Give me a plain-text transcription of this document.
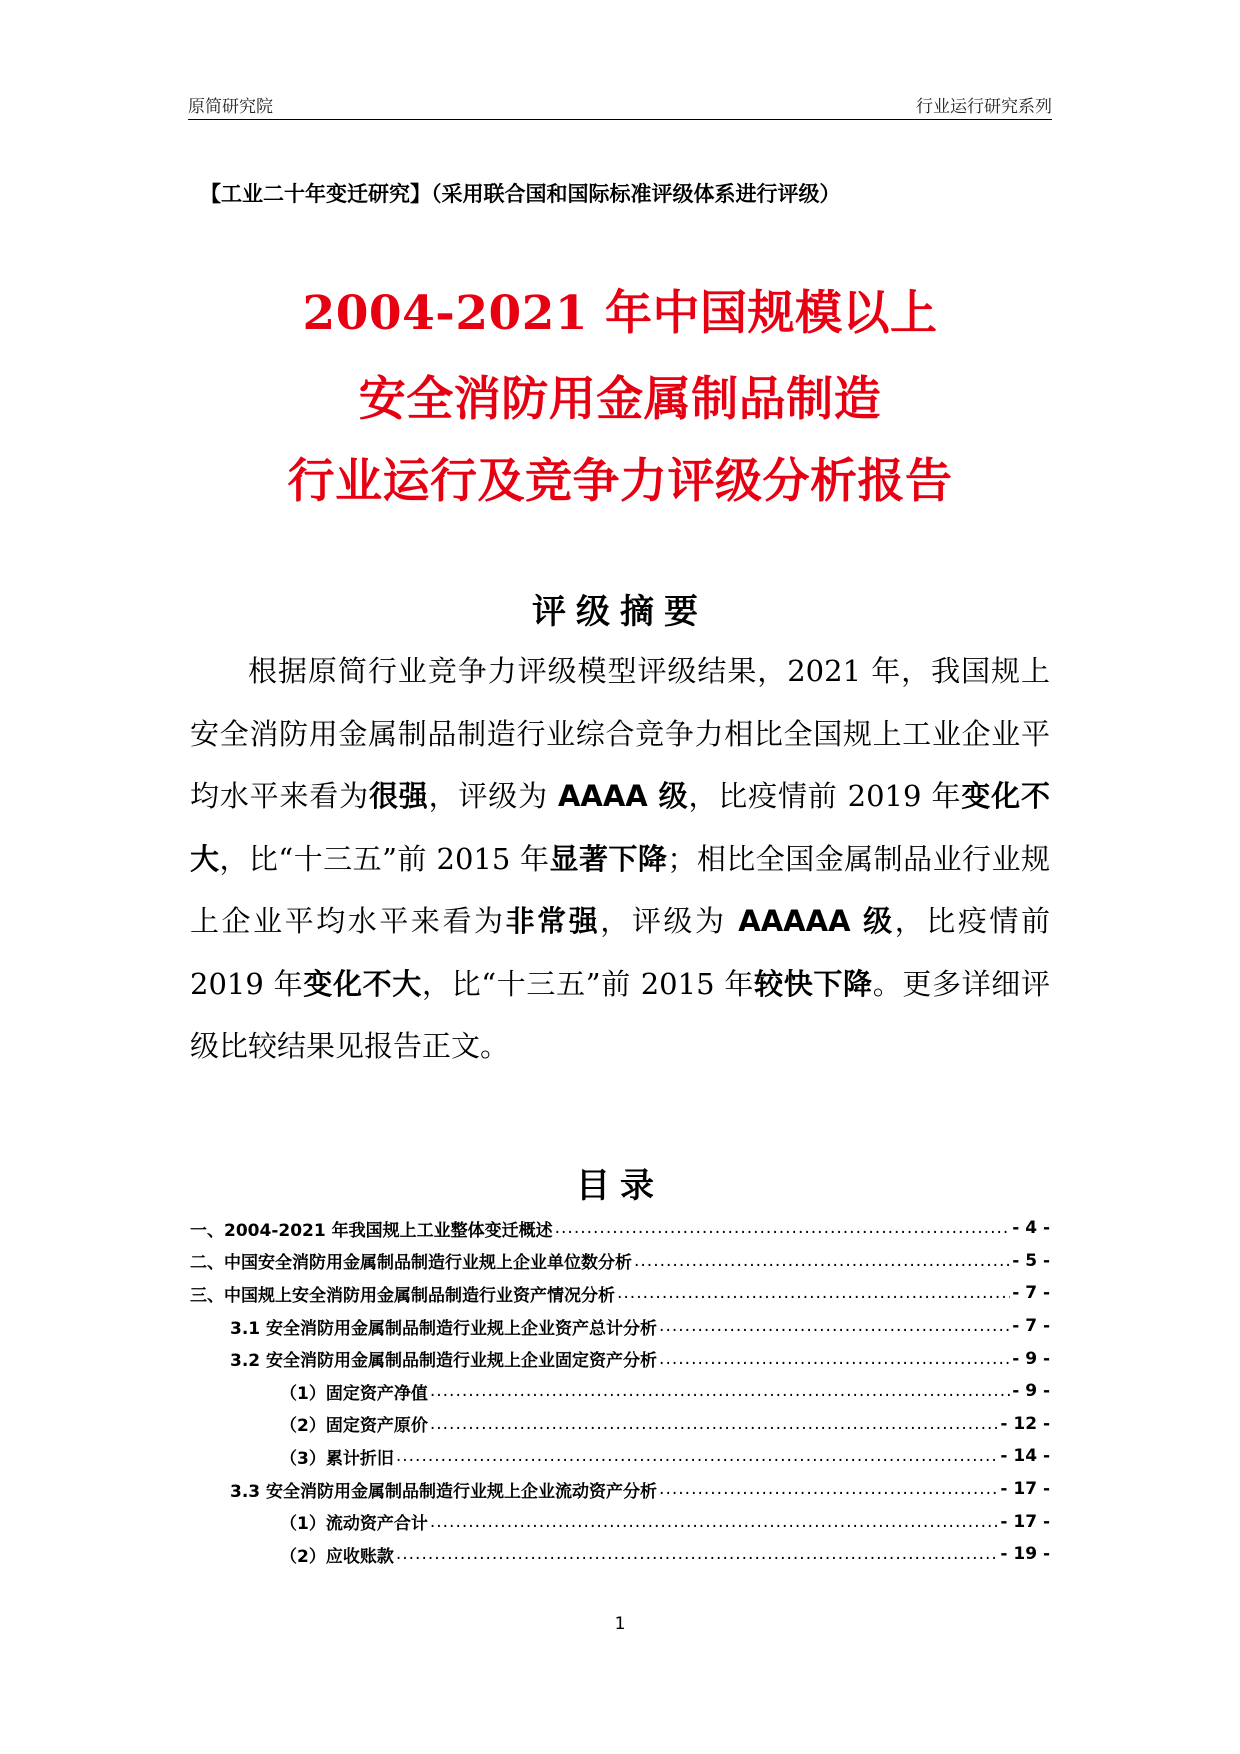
原简研究院	行业运行研究系列
【工业二十年变迁研究】（采用联合国和国际标准评级体系进行评级）
2004-2021 年中国规模以上
安全消防用金属制品制造
行业运行及竞争力评级分析报告
评级摘要
根据原简行业竞争力评级模型评级结果，2021 年，我国规上安全消防用金属制品制造行业综合竞争力相比全国规上工业企业平均水平来看为很强，评级为 AAAA 级，比疫情前 2019 年变化不大，比“十三五”前 2015 年显著下降；相比全国金属制品业行业规上企业平均水平来看为非常强，评级为 AAAAA 级，比疫情前 2019 年变化不大，比“十三五”前 2015 年较快下降。更多详细评级比较结果见报告正文。
目录
一、2004-2021 年我国规上工业整体变迁概述 .....	- 4 -
二、中国安全消防用金属制品制造行业规上企业单位数分析 .....	- 5 -
三、中国规上安全消防用金属制品制造行业资产情况分析 .....	- 7 -
3.1 安全消防用金属制品制造行业规上企业资产总计分析 .....	- 7 -
3.2 安全消防用金属制品制造行业规上企业固定资产分析 .....	- 9 -
（1）固定资产净值 .....	- 9 -
（2）固定资产原价 .....	- 12 -
（3）累计折旧 .....	- 14 -
3.3 安全消防用金属制品制造行业规上企业流动资产分析 .....	- 17 -
（1）流动资产合计 .....	- 17 -
（2）应收账款 .....	- 19 -
1
